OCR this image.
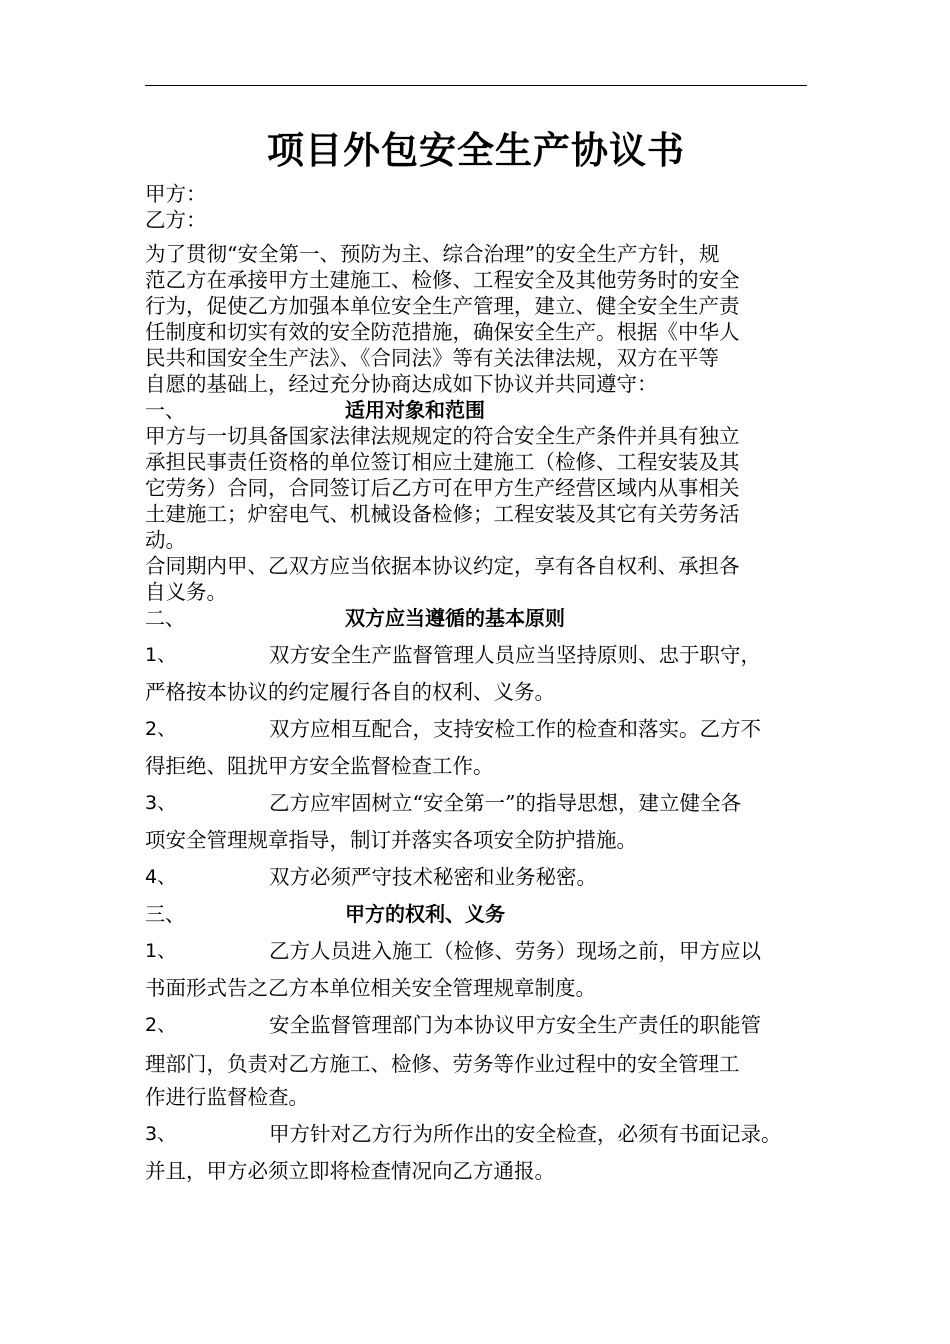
项目外包安全生产协议书
甲方：
乙方：
为了贯彻“安全第一、预防为主、综合治理”的安全生产方针，规
范乙方在承接甲方土建施工、检修、工程安全及其他劳务时的安全
行为，促使乙方加强本单位安全生产管理，建立、健全安全生产责
任制度和切实有效的安全防范措施，确保安全生产。根据《中华人
民共和国安全生产法》、《合同法》等有关法律法规，双方在平等
自愿的基础上，经过充分协商达成如下协议并共同遵守：
一、	适用对象和范围
甲方与一切具备国家法律法规规定的符合安全生产条件并具有独立
承担民事责任资格的单位签订相应土建施工（检修、工程安装及其
它劳务）合同，合同签订后乙方可在甲方生产经营区域内从事相关
土建施工；炉窑电气、机械设备检修；工程安装及其它有关劳务活
动。
合同期内甲、乙双方应当依据本协议约定，享有各自权利、承担各
自义务。
二、	双方应当遵循的基本原则
1、	双方安全生产监督管理人员应当坚持原则、忠于职守，
严格按本协议的约定履行各自的权利、义务。
2、	双方应相互配合，支持安检工作的检查和落实。乙方不
得拒绝、阻扰甲方安全监督检查工作。
3、	乙方应牢固树立“安全第一”的指导思想，建立健全各
项安全管理规章指导，制订并落实各项安全防护措施。
4、	双方必须严守技术秘密和业务秘密。
三、	甲方的权利、义务
1、	乙方人员进入施工（检修、劳务）现场之前，甲方应以
书面形式告之乙方本单位相关安全管理规章制度。
2、	安全监督管理部门为本协议甲方安全生产责任的职能管
理部门，负责对乙方施工、检修、劳务等作业过程中的安全管理工
作进行监督检查。
3、	甲方针对乙方行为所作出的安全检查，必须有书面记录。
并且，甲方必须立即将检查情况向乙方通报。
